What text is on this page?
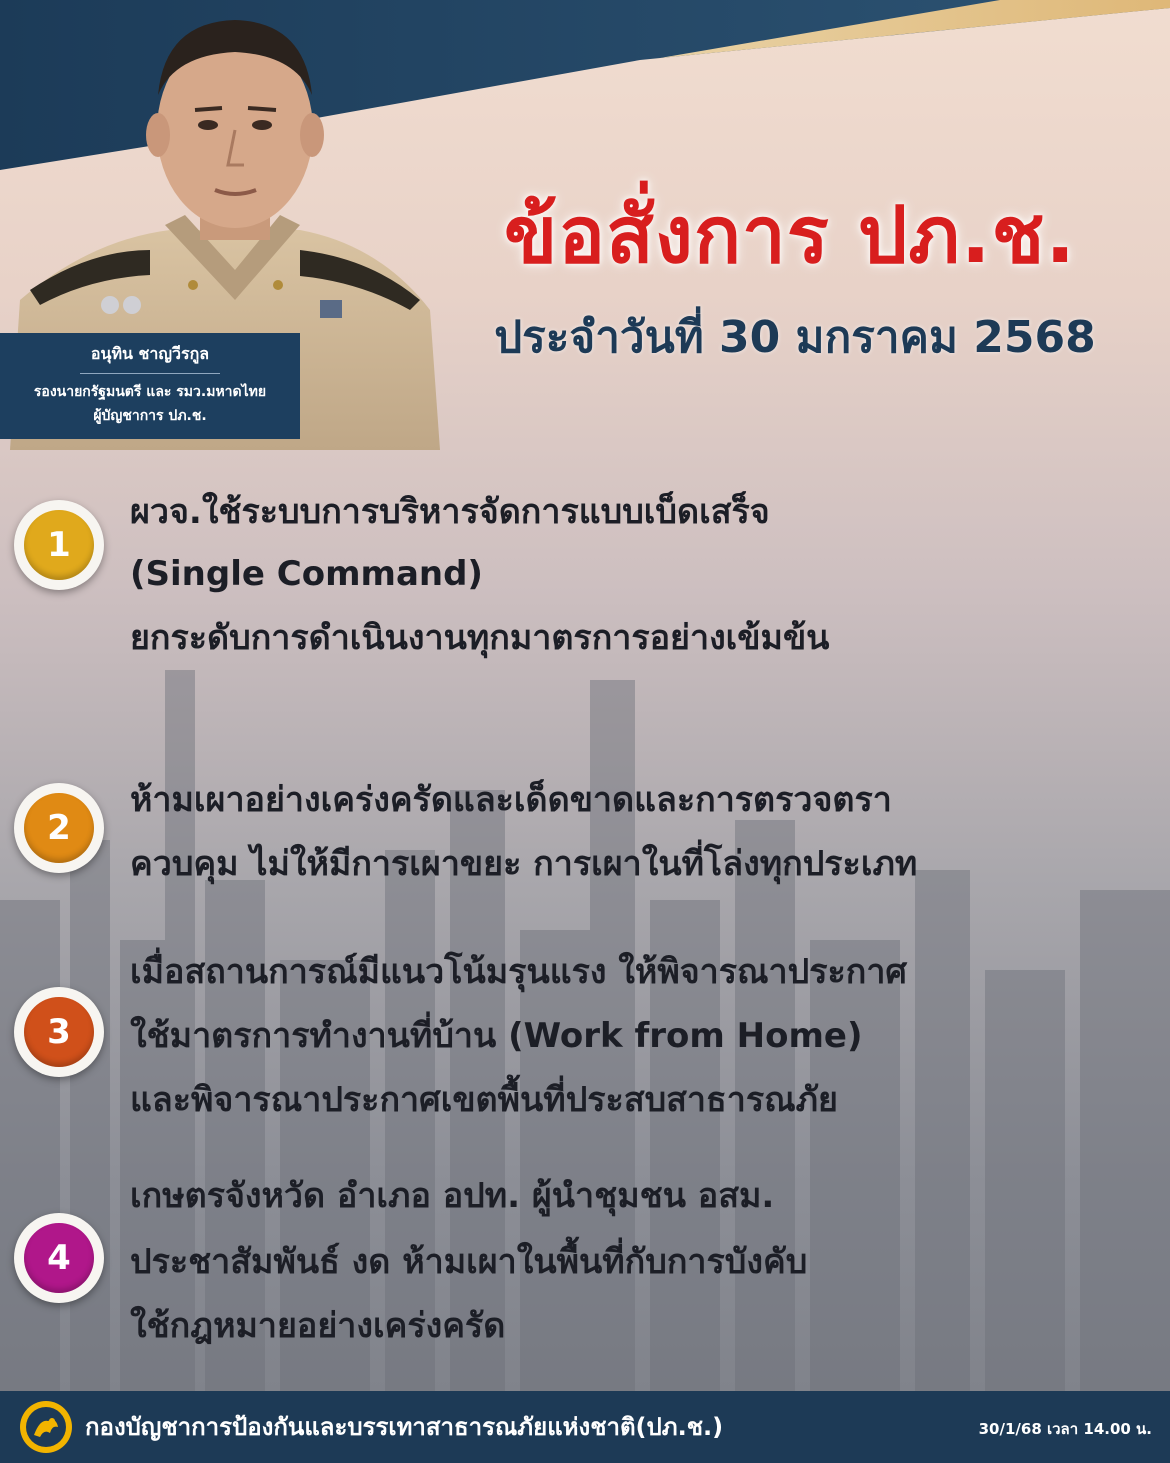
อนุทิน ชาญวีรกูล
รองนายกรัฐมนตรี และ รมว.มหาดไทย
ผู้บัญชาการ ปภ.ช.
ข้อสั่งการ ปภ.ช.
ประจำวันที่ 30 มกราคม 2568
1
ผวจ.ใช้ระบบการบริหารจัดการแบบเบ็ดเสร็จ
(Single Command)
ยกระดับการดำเนินงานทุกมาตรการอย่างเข้มข้น
2
ห้ามเผาอย่างเคร่งครัดและเด็ดขาดและการตรวจตรา
ควบคุม ไม่ให้มีการเผาขยะ การเผาในที่โล่งทุกประเภท
3
เมื่อสถานการณ์มีแนวโน้มรุนแรง ให้พิจารณาประกาศ
ใช้มาตรการทำงานที่บ้าน (Work from Home)
และพิจารณาประกาศเขตพื้นที่ประสบสาธารณภัย
4
เกษตรจังหวัด อำเภอ อปท. ผู้นำชุมชน อสม.
ประชาสัมพันธ์ งด ห้ามเผาในพื้นที่กับการบังคับ
ใช้กฎหมายอย่างเคร่งครัด
กองบัญชาการป้องกันและบรรเทาสาธารณภัยแห่งชาติ(ปภ.ช.)	30/1/68 เวลา 14.00 น.
